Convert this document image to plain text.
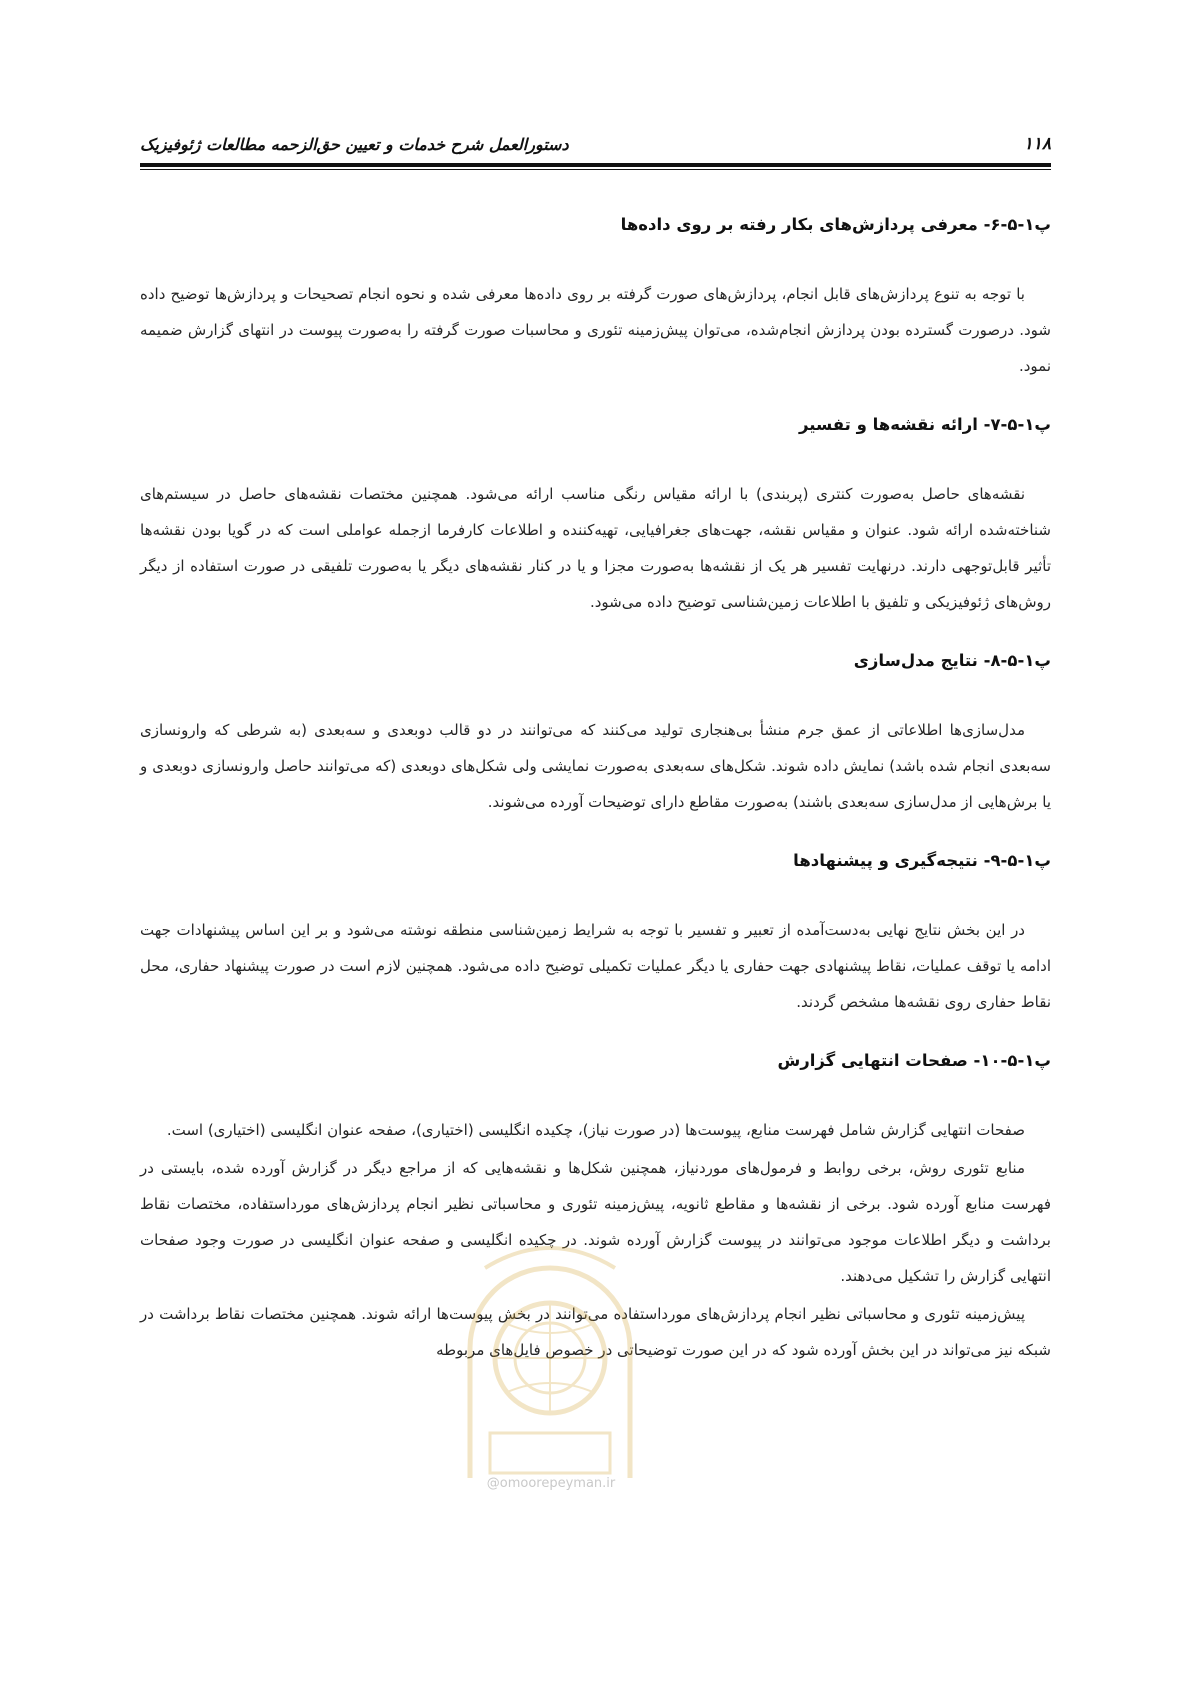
۱۱۸
دستورالعمل شرح خدمات و تعیین حق‌الزحمه مطالعات ژئوفیزیک
پ۱-۵-۶- معرفی پردازش‌های بکار رفته بر روی داده‌ها

با توجه به تنوع پردازش‌های قابل انجام، پردازش‌های صورت گرفته بر روی داده‌ها معرفی شده و نحوه انجام تصحیحات و پردازش‌ها توضیح داده شود. درصورت گسترده بودن پردازش انجام‌شده، می‌توان پیش‌زمینه تئوری و محاسبات صورت گرفته را به‌صورت پیوست در انتهای گزارش ضمیمه نمود.

پ۱-۵-۷- ارائه نقشه‌ها و تفسیر

نقشه‌های حاصل به‌صورت کنتری (پربندی) با ارائه مقیاس رنگی مناسب ارائه می‌شود. همچنین مختصات نقشه‌های حاصل در سیستم‌های شناخته‌شده ارائه شود. عنوان و مقیاس نقشه، جهت‌های جغرافیایی، تهیه‌کننده و اطلاعات کارفرما ازجمله عواملی است که در گویا بودن نقشه‌ها تأثیر قابل‌توجهی دارند. درنهایت تفسیر هر یک از نقشه‌ها به‌صورت مجزا و یا در کنار نقشه‌های دیگر یا به‌صورت تلفیقی در صورت استفاده از دیگر روش‌های ژئوفیزیکی و تلفیق با اطلاعات زمین‌شناسی توضیح داده می‌شود.

پ۱-۵-۸- نتایج مدل‌سازی

مدل‌سازی‌ها اطلاعاتی از عمق جرم منشأ بی‌هنجاری تولید می‌کنند که می‌توانند در دو قالب دوبعدی و سه‌بعدی (به شرطی که وارونسازی سه‌بعدی انجام شده باشد) نمایش داده شوند. شکل‌های سه‌بعدی به‌صورت نمایشی ولی شکل‌های دوبعدی (که می‌توانند حاصل وارونسازی دوبعدی و یا برش‌هایی از مدل‌سازی سه‌بعدی باشند) به‌صورت مقاطع دارای توضیحات آورده می‌شوند.

پ۱-۵-۹- نتیجه‌گیری و پیشنهادها

در این بخش نتایج نهایی به‌دست‌آمده از تعبیر و تفسیر با توجه به شرایط زمین‌شناسی منطقه نوشته می‌شود و بر این اساس پیشنهادات جهت ادامه یا توقف عملیات، نقاط پیشنهادی جهت حفاری یا دیگر عملیات تکمیلی توضیح داده می‌شود. همچنین لازم است در صورت پیشنهاد حفاری، محل نقاط حفاری روی نقشه‌ها مشخص گردند.

پ۱-۵-۱۰- صفحات انتهایی گزارش

صفحات انتهایی گزارش شامل فهرست منابع، پیوست‌ها (در صورت نیاز)، چکیده انگلیسی (اختیاری)، صفحه عنوان انگلیسی (اختیاری) است.

منابع تئوری روش، برخی روابط و فرمول‌های موردنیاز، همچنین شکل‌ها و نقشه‌هایی که از مراجع دیگر در گزارش آورده شده، بایستی در فهرست منابع آورده شود. برخی از نقشه‌ها و مقاطع ثانویه، پیش‌زمینه تئوری و محاسباتی نظیر انجام پردازش‌های مورداستفاده، مختصات نقاط برداشت و دیگر اطلاعات موجود می‌توانند در پیوست گزارش آورده شوند. در چکیده انگلیسی و صفحه عنوان انگلیسی در صورت وجود صفحات انتهایی گزارش را تشکیل می‌دهند.

پیش‌زمینه تئوری و محاسباتی نظیر انجام پردازش‌های مورداستفاده می‌توانند در بخش پیوست‌ها ارائه شوند. همچنین مختصات نقاط برداشت در شبکه نیز می‌تواند در این بخش آورده شود که در این صورت توضیحاتی در خصوص فایل‌های مربوطه

@omoorepeyman.ir
